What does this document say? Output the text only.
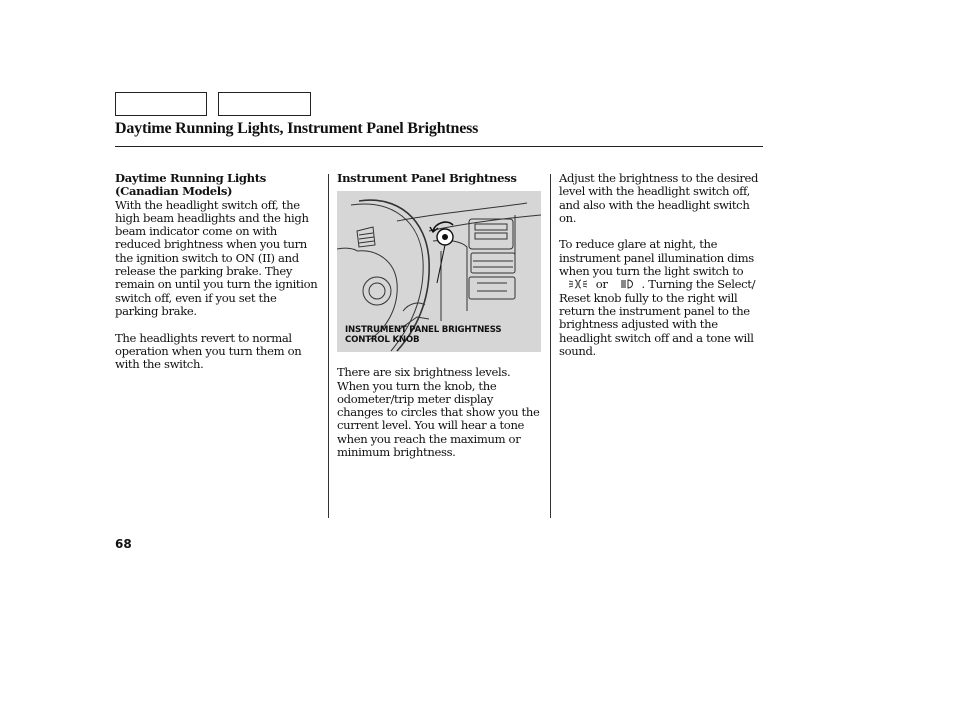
Daytime Running Lights, Instrument Panel Brightness

Daytime Running Lights

(Canadian Models)

With the headlight switch off, the

high beam headlights and the high

beam indicator come on with

reduced brightness when you turn

the ignition switch to ON (II) and

release the parking brake. They

remain on until you turn the ignition

switch off, even if you set the

parking brake.

The headlights revert to normal

operation when you turn them on

with the switch.

Instrument Panel Brightness

There are six brightness levels.

When you turn the knob, the

odometer/trip meter display

changes to circles that show you the

current level. You will hear a tone

when you reach the maximum or

minimum brightness.

INSTRUMENT PANEL BRIGHTNESS
CONTROL KNOB

Adjust the brightness to the desired

level with the headlight switch off,

and also with the headlight switch on.

To reduce glare at night, the

instrument panel illumination dims

when you turn the light switch to

or	. Turning the Select/

Reset knob fully to the right will

return the instrument panel to the

brightness adjusted with the

headlight switch off and a tone will

sound.

68
